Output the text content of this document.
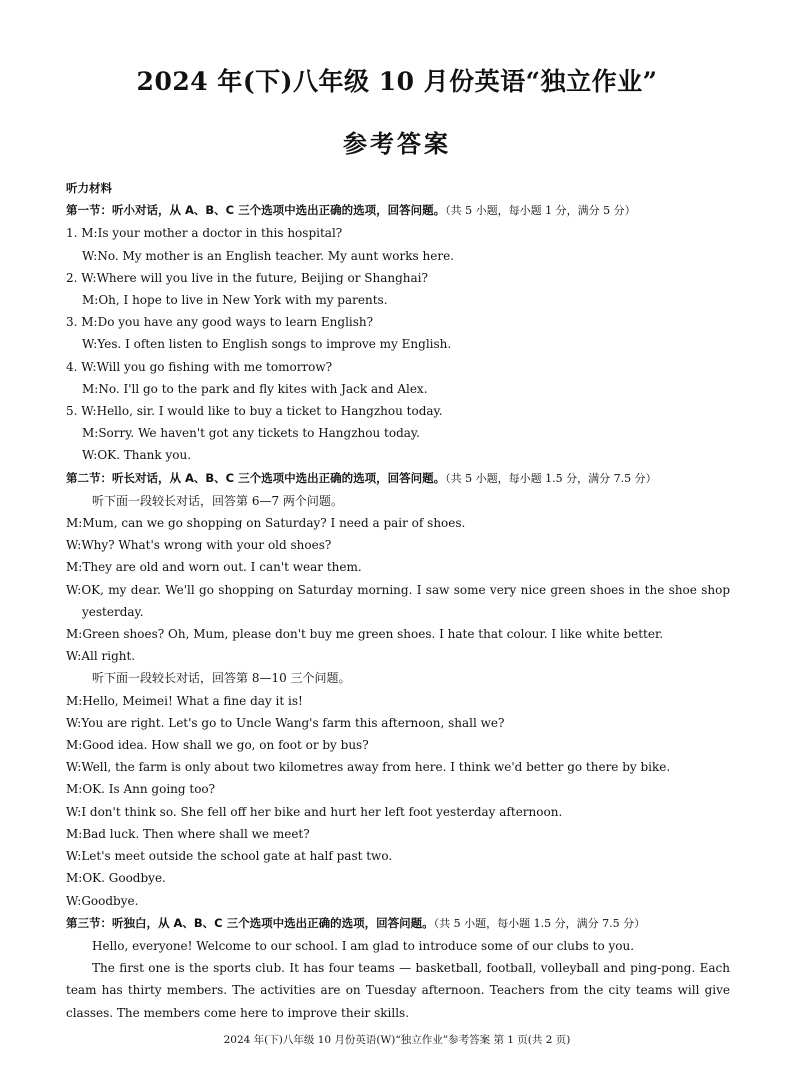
2024 年(下)八年级 10 月份英语“独立作业”
参考答案
听力材料
第一节：听小对话，从 A、B、C 三个选项中选出正确的选项，回答问题。（共 5 小题，每小题 1 分，满分 5 分）
1. M:Is your mother a doctor in this hospital?
W:No. My mother is an English teacher. My aunt works here.
2. W:Where will you live in the future, Beijing or Shanghai?
M:Oh, I hope to live in New York with my parents.
3. M:Do you have any good ways to learn English?
W:Yes. I often listen to English songs to improve my English.
4. W:Will you go fishing with me tomorrow?
M:No. I'll go to the park and fly kites with Jack and Alex.
5. W:Hello, sir. I would like to buy a ticket to Hangzhou today.
M:Sorry. We haven't got any tickets to Hangzhou today.
W:OK. Thank you.
第二节：听长对话，从 A、B、C 三个选项中选出正确的选项，回答问题。（共 5 小题，每小题 1.5 分，满分 7.5 分）
听下面一段较长对话，回答第 6—7 两个问题。
M:Mum, can we go shopping on Saturday? I need a pair of shoes.
W:Why? What's wrong with your old shoes?
M:They are old and worn out. I can't wear them.
W:OK, my dear. We'll go shopping on Saturday morning. I saw some very nice green shoes in the shoe shop yesterday.
M:Green shoes? Oh, Mum, please don't buy me green shoes. I hate that colour. I like white better.
W:All right.
听下面一段较长对话，回答第 8—10 三个问题。
M:Hello, Meimei! What a fine day it is!
W:You are right. Let's go to Uncle Wang's farm this afternoon, shall we?
M:Good idea. How shall we go, on foot or by bus?
W:Well, the farm is only about two kilometres away from here. I think we'd better go there by bike.
M:OK. Is Ann going too?
W:I don't think so. She fell off her bike and hurt her left foot yesterday afternoon.
M:Bad luck. Then where shall we meet?
W:Let's meet outside the school gate at half past two.
M:OK. Goodbye.
W:Goodbye.
第三节：听独白，从 A、B、C 三个选项中选出正确的选项，回答问题。（共 5 小题，每小题 1.5 分，满分 7.5 分）
Hello, everyone! Welcome to our school. I am glad to introduce some of our clubs to you.
The first one is the sports club. It has four teams — basketball, football, volleyball and ping-pong. Each team has thirty members. The activities are on Tuesday afternoon. Teachers from the city teams will give classes. The members come here to improve their skills.
2024 年(下)八年级 10 月份英语(W)“独立作业”参考答案 第 1 页(共 2 页)
